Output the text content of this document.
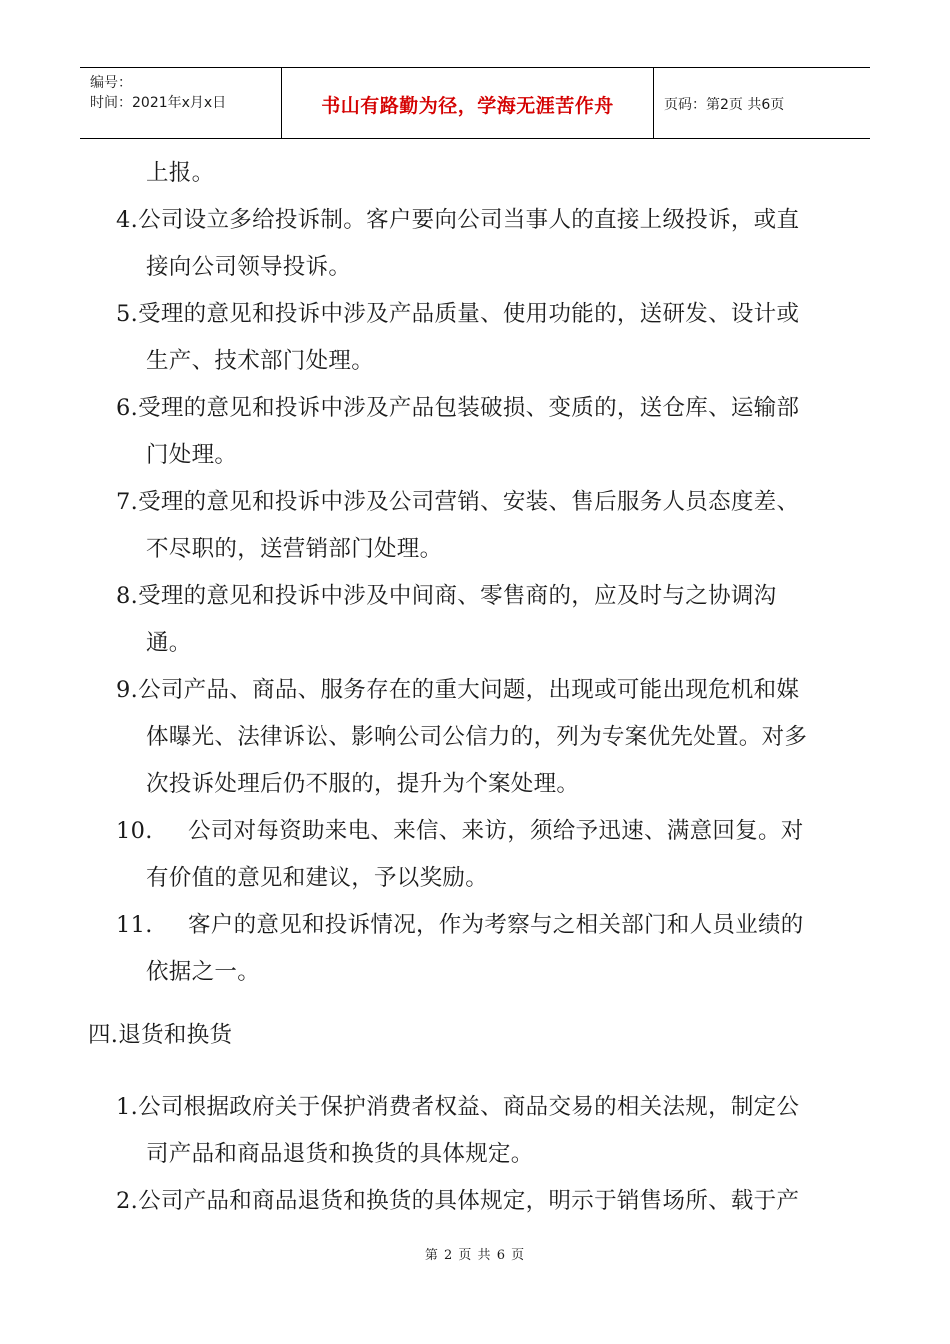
编号：
时间：2021年x月x日	书山有路勤为径，学海无涯苦作舟	页码：第2页 共6页
上报。
4.公司设立多给投诉制。客户要向公司当事人的直接上级投诉，或直
接向公司领导投诉。
5.受理的意见和投诉中涉及产品质量、使用功能的，送研发、设计或
生产、技术部门处理。
6.受理的意见和投诉中涉及产品包装破损、变质的，送仓库、运输部
门处理。
7.受理的意见和投诉中涉及公司营销、安装、售后服务人员态度差、
不尽职的，送营销部门处理。
8.受理的意见和投诉中涉及中间商、零售商的，应及时与之协调沟
通。
9.公司产品、商品、服务存在的重大问题，出现或可能出现危机和媒
体曝光、法律诉讼、影响公司公信力的，列为专案优先处置。对多
次投诉处理后仍不服的，提升为个案处理。
10. 公司对每资助来电、来信、来访，须给予迅速、满意回复。对
有价值的意见和建议，予以奖励。
11. 客户的意见和投诉情况，作为考察与之相关部门和人员业绩的
依据之一。
四.退货和换货
1.公司根据政府关于保护消费者权益、商品交易的相关法规，制定公
司产品和商品退货和换货的具体规定。
2.公司产品和商品退货和换货的具体规定，明示于销售场所、载于产
第 2 页 共 6 页
